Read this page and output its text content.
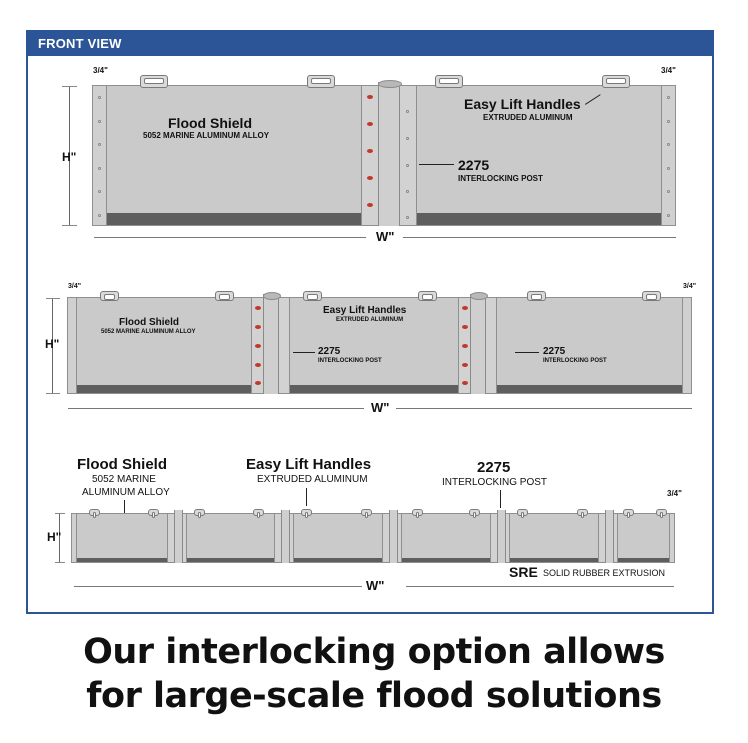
FRONT VIEW
3/4"	3/4"
Flood Shield
5052 MARINE ALUMINUM ALLOY
Easy Lift Handles
EXTRUDED ALUMINUM
2275
INTERLOCKING POST
H"
W"
3/4"	3/4"
Flood Shield
5052 MARINE ALUMINUM ALLOY
Easy Lift Handles
EXTRUDED ALUMINUM
2275
INTERLOCKING POST
2275
INTERLOCKING POST
H"
W"
Flood Shield
5052 MARINE
ALUMINUM ALLOY
Easy Lift Handles
EXTRUDED ALUMINUM
2275
INTERLOCKING POST
3/4"
H"
SRE SOLID RUBBER EXTRUSION
W"
Our interlocking option allows
for large-scale flood solutions
